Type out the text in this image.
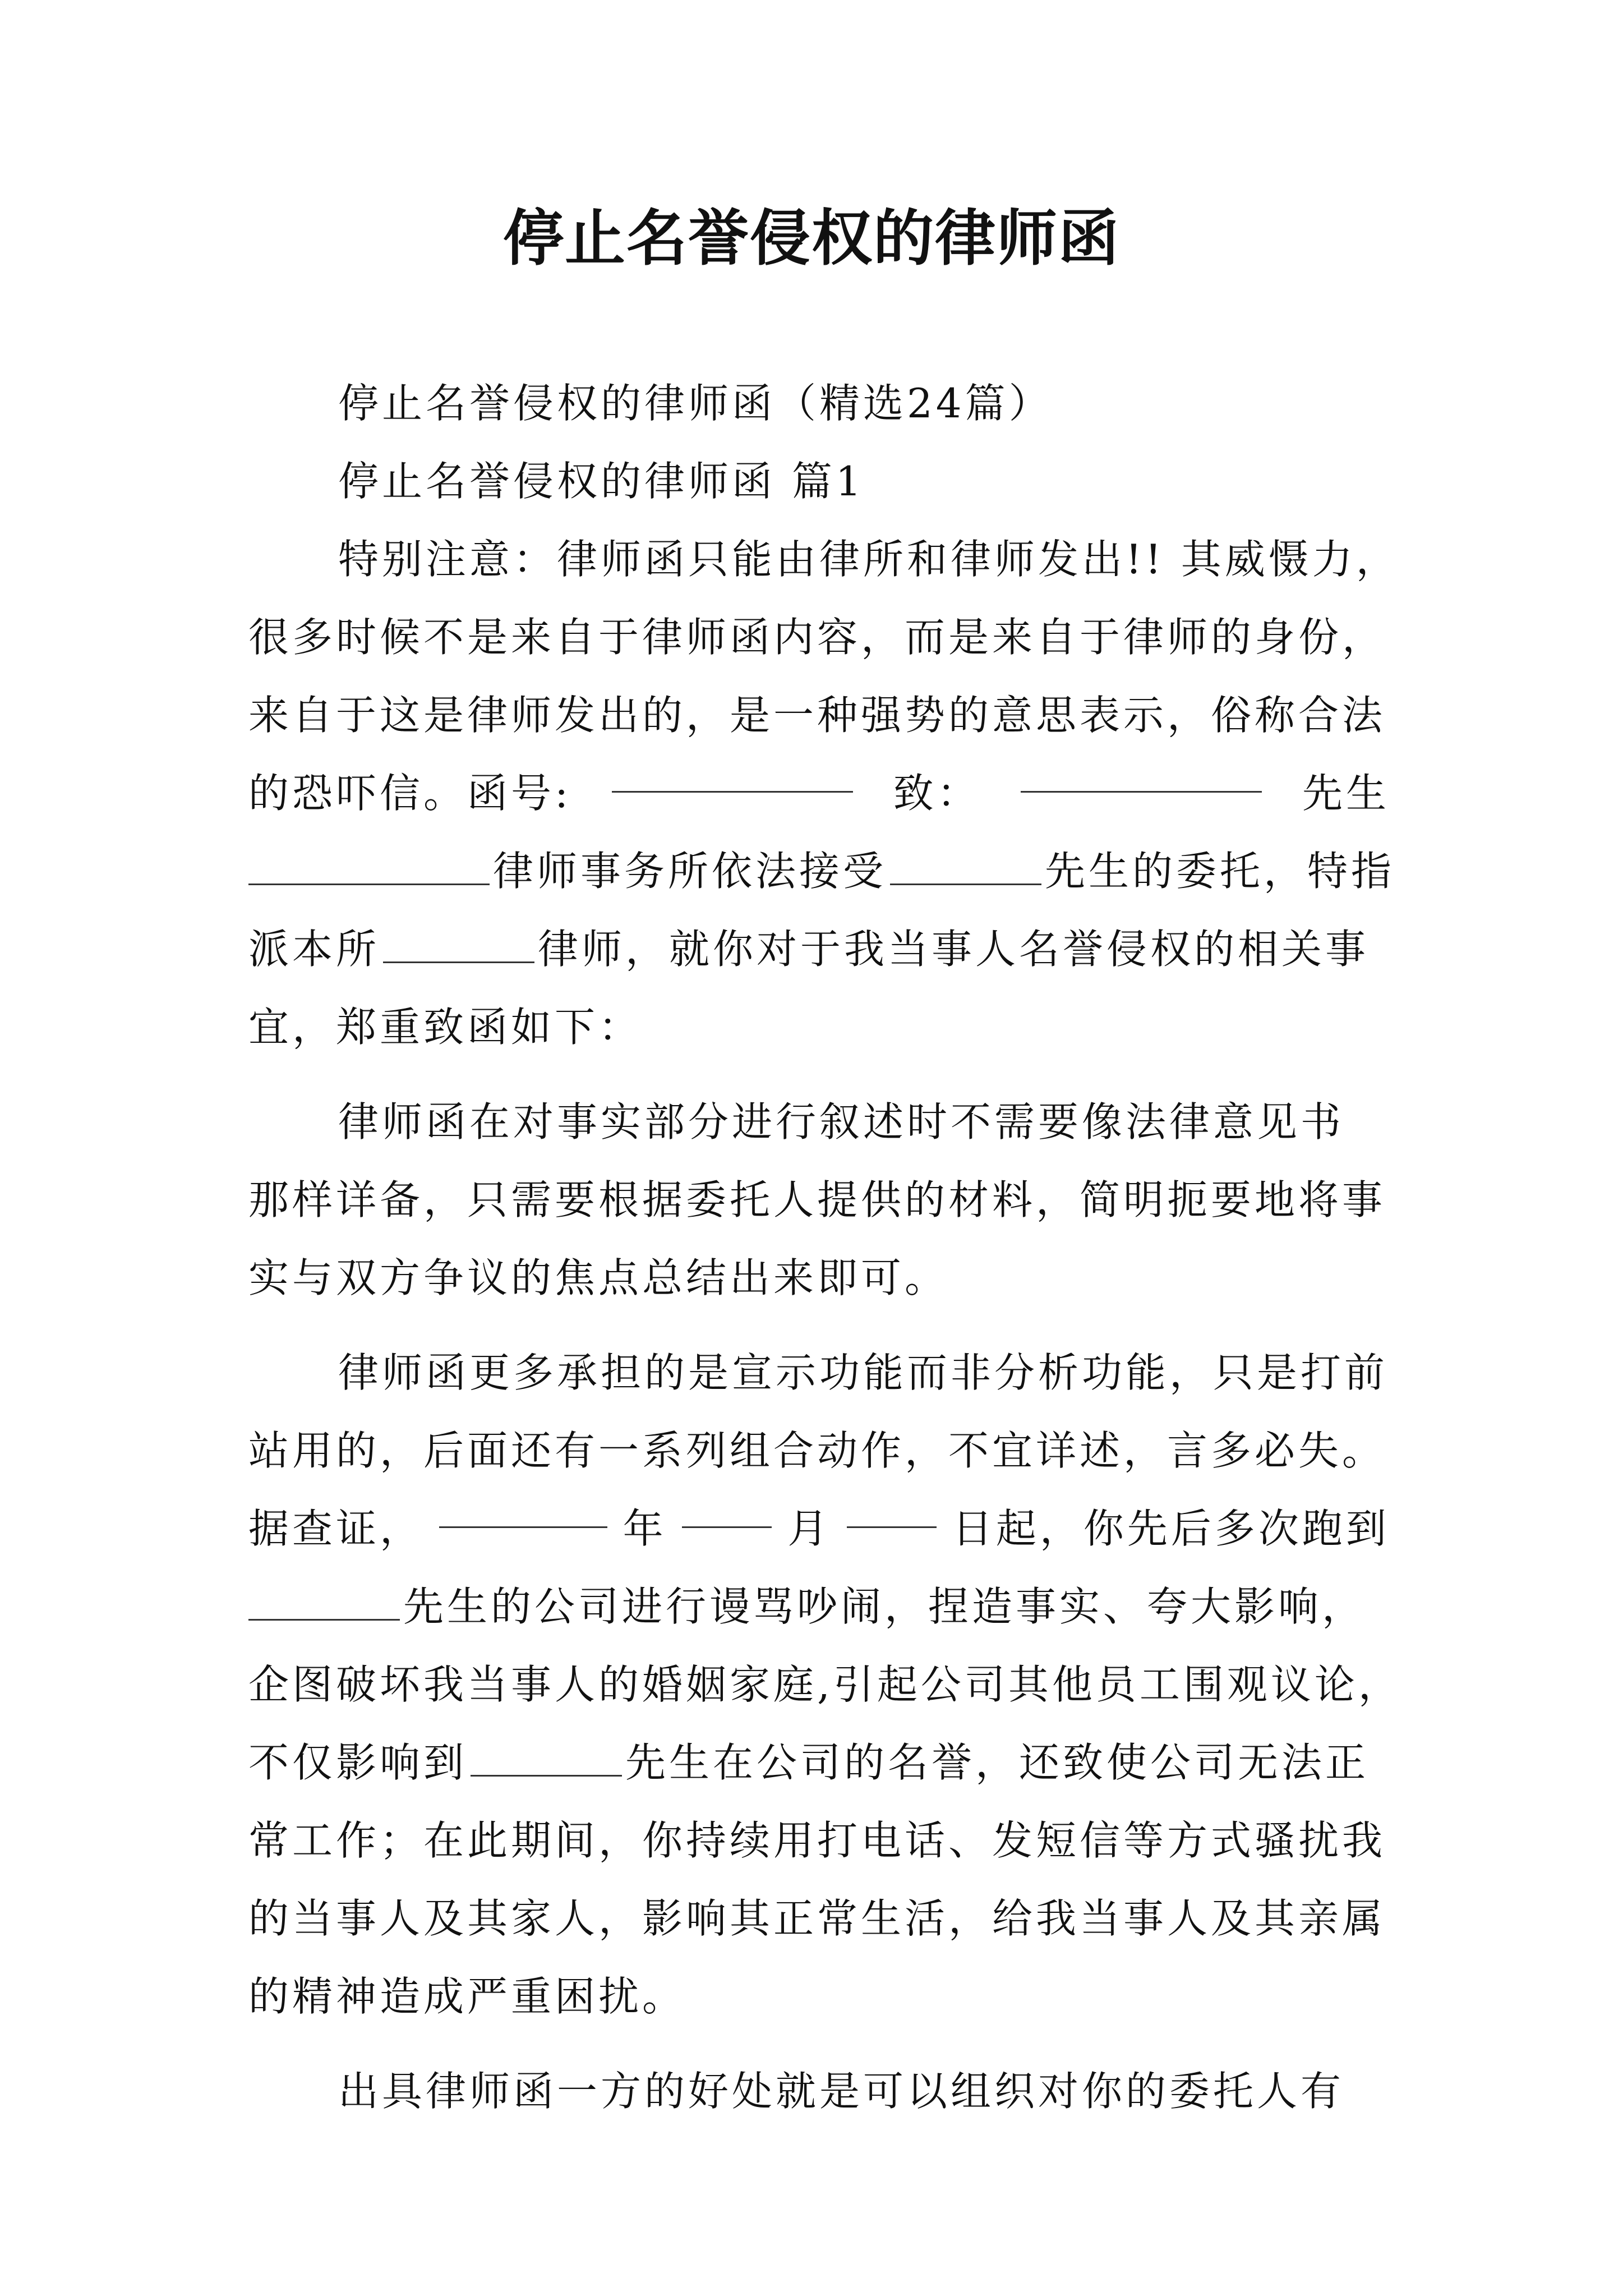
停止名誉侵权的律师函
停止名誉侵权的律师函（精选24篇）
停止名誉侵权的律师函 篇1
特别注意：律师函只能由律所和律师发出!! 其威慑力，
很多时候不是来自于律师函内容，而是来自于律师的身份，
来自于这是律师发出的，是一种强势的意思表示，俗称合法
的恐吓信。函号:	致：	先生
律师事务所依法接受	先生的委托，特指
派本所	律师，就你对于我当事人名誉侵权的相关事
宜，郑重致函如下：
律师函在对事实部分进行叙述时不需要像法律意见书
那样详备，只需要根据委托人提供的材料，简明扼要地将事
实与双方争议的焦点总结出来即可。
律师函更多承担的是宣示功能而非分析功能，只是打前
站用的，后面还有一系列组合动作，不宜详述，言多必失。
据查证，	年	月	日起，你先后多次跑到
先生的公司进行谩骂吵闹，捏造事实、夸大影响，
企图破坏我当事人的婚姻家庭,引起公司其他员工围观议论，
不仅影响到	先生在公司的名誉，还致使公司无法正
常工作；在此期间，你持续用打电话、发短信等方式骚扰我
的当事人及其家人，影响其正常生活，给我当事人及其亲属
的精神造成严重困扰。
出具律师函一方的好处就是可以组织对你的委托人有
